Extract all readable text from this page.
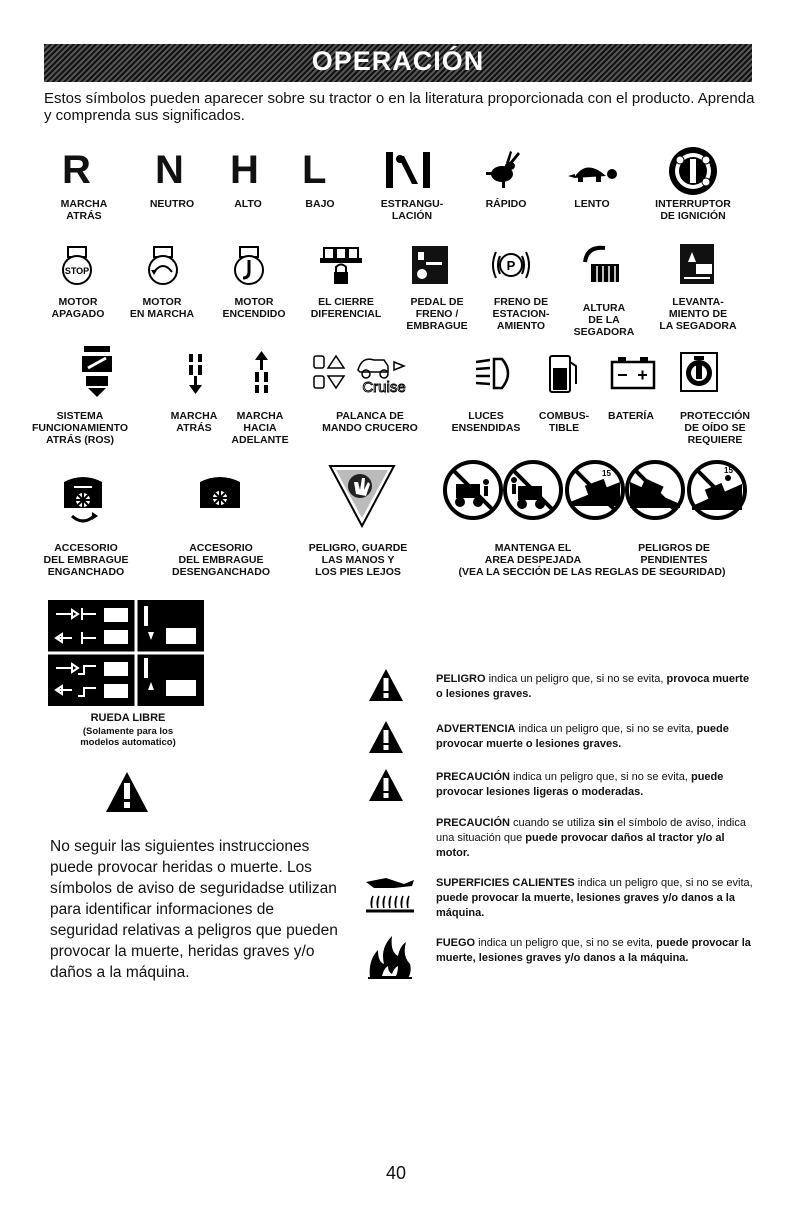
OPERACIÓN
Estos símbolos pueden aparecer sobre su tractor o en la literatura proporcionada con el producto. Aprenda y comprenda sus significados.
R N H L
MARCHA
ATRÁS
NEUTRO	ALTO	BAJO	ESTRANGU-
LACIÓN
RÁPIDO	LENTO	INTERRUPTOR
DE IGNICIÓN
STOP	P
MOTOR
APAGADO
MOTOR
EN MARCHA
MOTOR
ENCENDIDO
EL CIERRE
DIFERENCIAL
PEDAL DE
FRENO /
EMBRAGUE
FRENO DE
ESTACION-
AMIENTO
ALTURA
DE LA
SEGADORA
LEVANTA-
MIENTO DE
LA SEGADORA
Cruise
SISTEMA
FUNCIONAMIENTO
ATRÁS (ROS)
MARCHA
ATRÁS
MARCHA
HACIA
ADELANTE
PALANCA DE
MANDO CRUCERO
LUCES
ENSENDIDAS
COMBUS-
TIBLE
BATERÍA	PROTECCIÓN
DE OÍDO SE
REQUIERE
15	15
ACCESORIO
DEL EMBRAGUE
ENGANCHADO
ACCESORIO
DEL EMBRAGUE
DESENGANCHADO
PELIGRO, GUARDE
LAS MANOS Y
LOS PIES LEJOS
MANTENGA EL
AREA DESPEJADA
PELIGROS DE
PENDIENTES
(VEA LA SECCIÓN DE LAS REGLAS DE SEGURIDAD)
RUEDA LIBRE
(Solamente para los
modelos automatico)
No seguir las siguientes instrucciones puede provocar heridas o muerte. Los símbolos de aviso de seguridadse utilizan para identificar informaciones de seguridad relativas a peligros que pueden provocar la muerte, heridas graves y/o daños a la máquina.
PELIGRO indica un peligro que, si no se evita, provoca muerte o lesiones graves.
ADVERTENCIA indica un peligro que, si no se evita, puede provocar muerte o lesiones graves.
PRECAUCIÓN indica un peligro que, si no se evita, puede provocar lesiones ligeras o moderadas.
PRECAUCIÓN cuando se utiliza sin el símbolo de aviso, indica una situación que puede provocar daños al tractor y/o al motor.
SUPERFICIES CALIENTES indica un peligro que, si no se evita, puede provocar la muerte, lesiones graves y/o danos a la máquina.
FUEGO indica un peligro que, si no se evita, puede provocar la muerte, lesiones graves y/o danos a la máquina.
40
